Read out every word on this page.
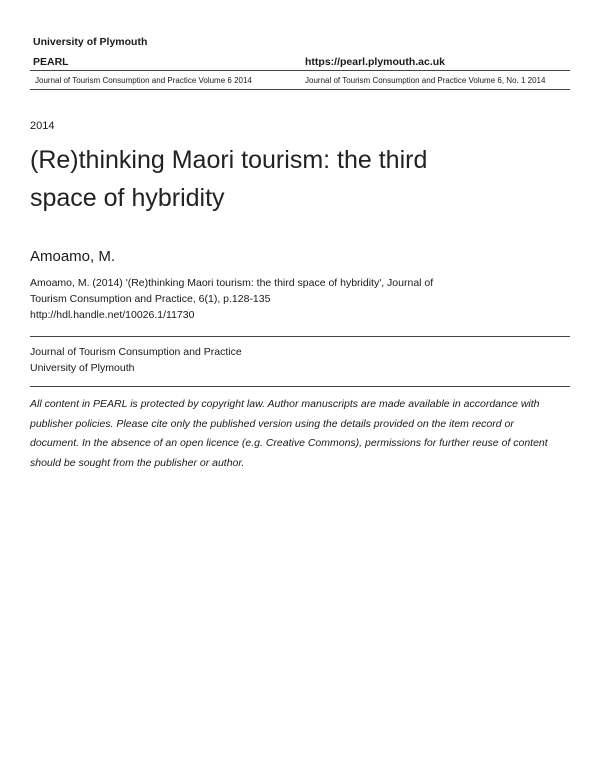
University of Plymouth
PEARL	https://pearl.plymouth.ac.uk
Journal of Tourism Consumption and Practice Volume 6 2014	Journal of Tourism Consumption and Practice Volume 6, No. 1 2014
2014
(Re)thinking Maori tourism: the third
space of hybridity
Amoamo, M.
Amoamo, M. (2014) '(Re)thinking Maori tourism: the third space of hybridity', Journal of
Tourism Consumption and Practice, 6(1), p.128-135
http://hdl.handle.net/10026.1/11730
Journal of Tourism Consumption and Practice
University of Plymouth
All content in PEARL is protected by copyright law. Author manuscripts are made available in accordance with
publisher policies. Please cite only the published version using the details provided on the item record or
document. In the absence of an open licence (e.g. Creative Commons), permissions for further reuse of content
should be sought from the publisher or author.
